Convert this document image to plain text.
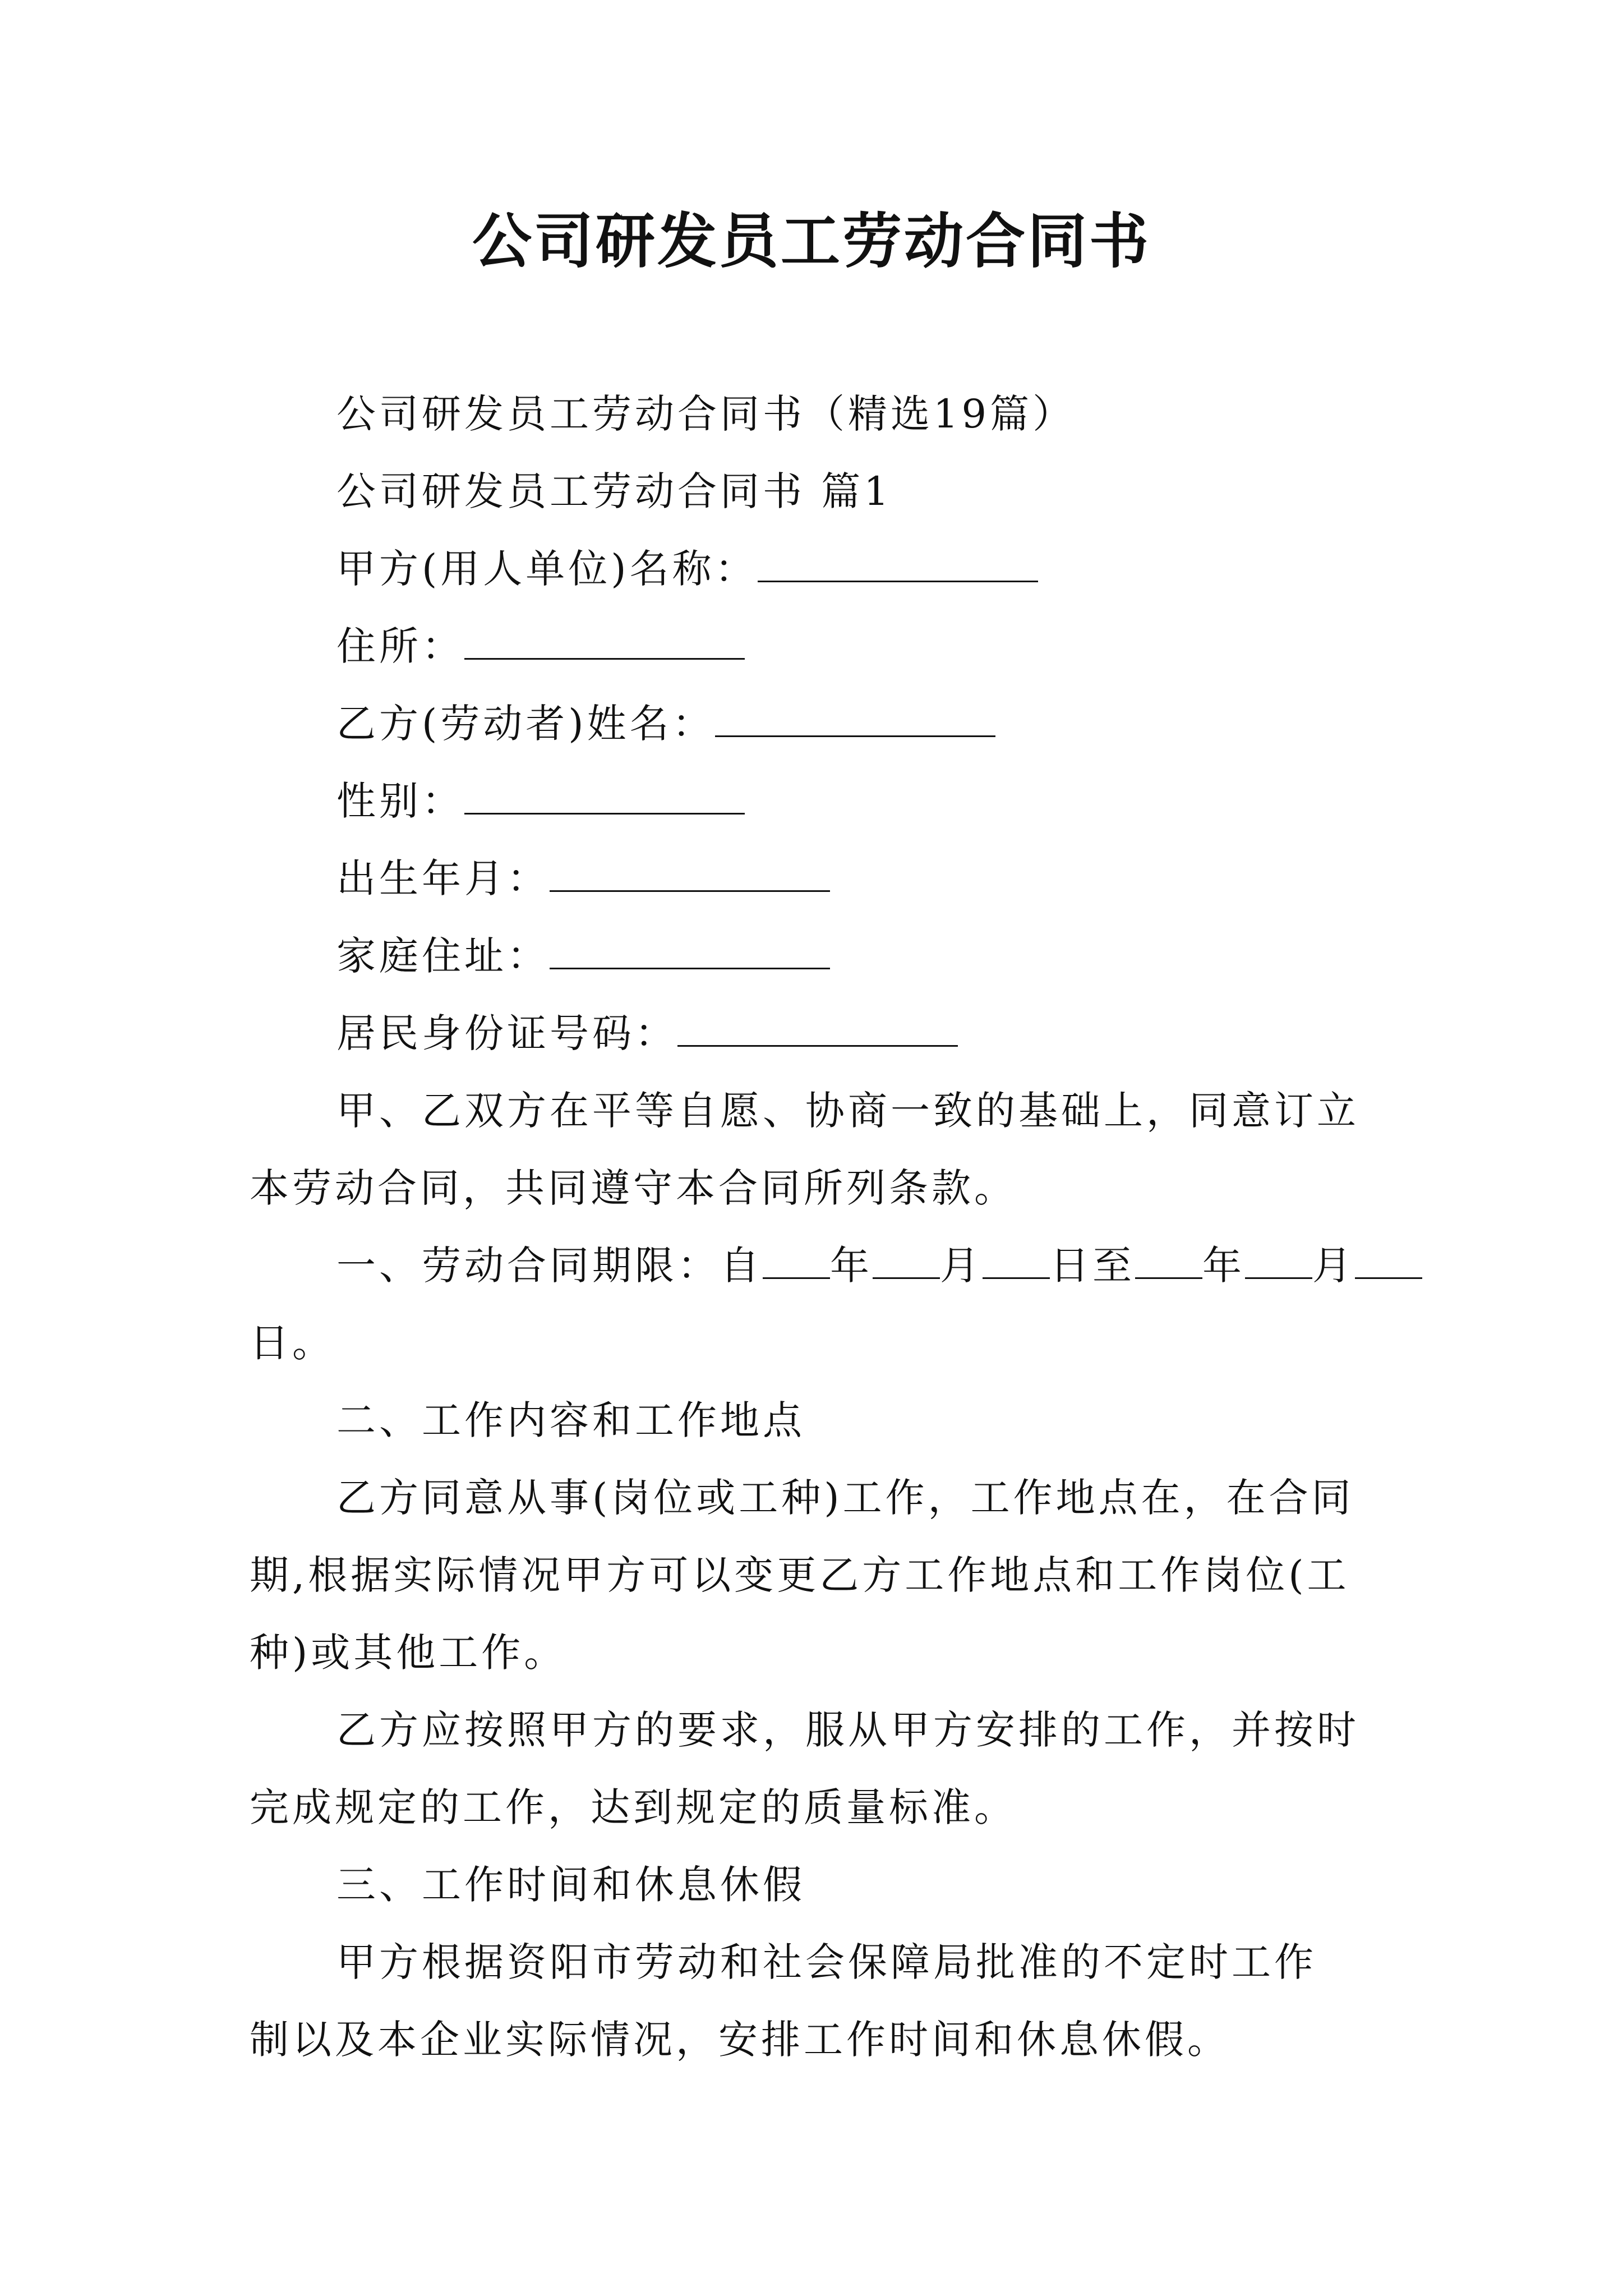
公司研发员工劳动合同书
公司研发员工劳动合同书（精选19篇）
公司研发员工劳动合同书 篇1
甲方(用人单位)名称：
住所：
乙方(劳动者)姓名：
性别：
出生年月：
家庭住址：
居民身份证号码：
甲、乙双方在平等自愿、协商一致的基础上，同意订立
本劳动合同，共同遵守本合同所列条款。
一、劳动合同期限：自 年 月 日至 年 月
日。
二、工作内容和工作地点
乙方同意从事(岗位或工种)工作，工作地点在，在合同
期,根据实际情况甲方可以变更乙方工作地点和工作岗位(工
种)或其他工作。
乙方应按照甲方的要求，服从甲方安排的工作，并按时
完成规定的工作，达到规定的质量标准。
三、工作时间和休息休假
甲方根据资阳市劳动和社会保障局批准的不定时工作
制以及本企业实际情况，安排工作时间和休息休假。
